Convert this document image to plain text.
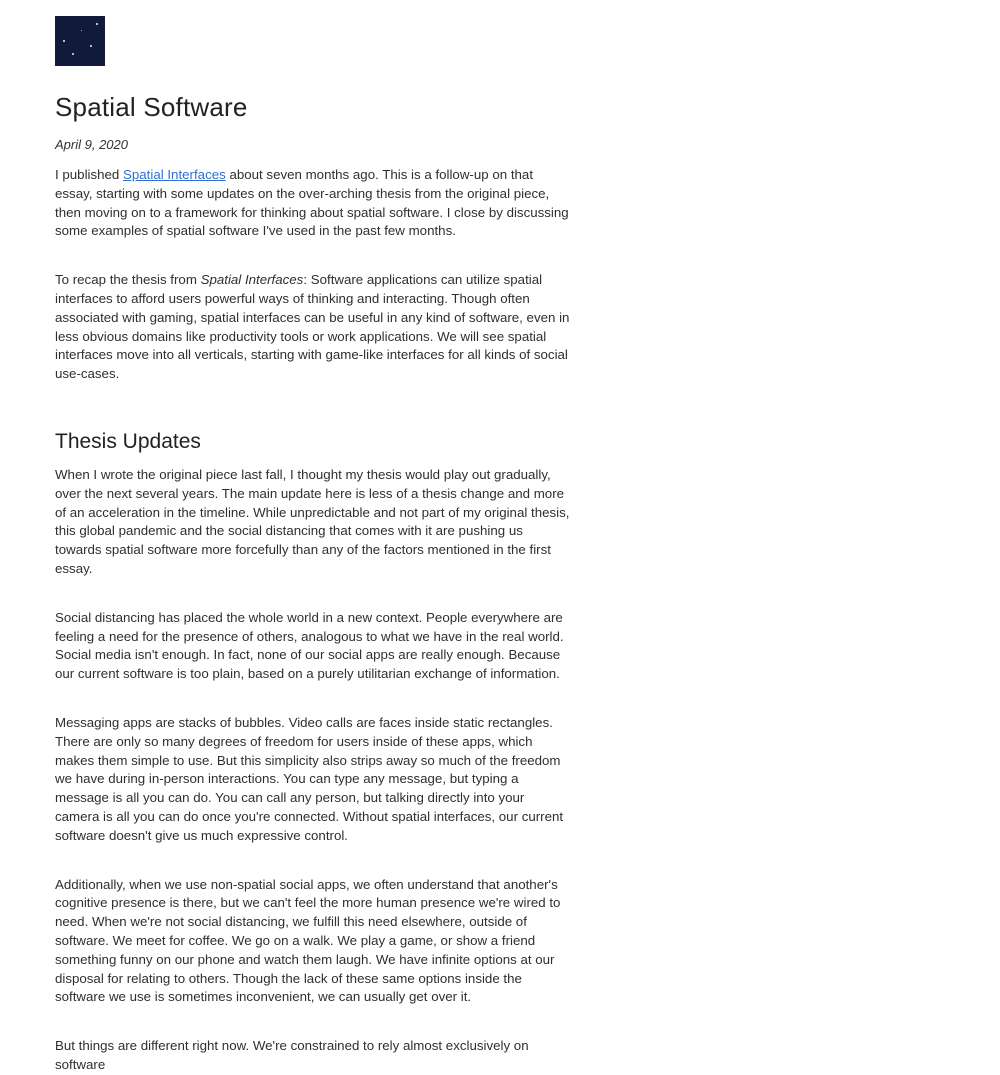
Spatial Software
April 9, 2020

I published Spatial Interfaces about seven months ago. This is a follow-up on that essay, starting with some updates on the over-arching thesis from the original piece, then moving on to a framework for thinking about spatial software. I close by discussing some examples of spatial software I've used in the past few months.

To recap the thesis from Spatial Interfaces: Software applications can utilize spatial interfaces to afford users powerful ways of thinking and interacting. Though often associated with gaming, spatial interfaces can be useful in any kind of software, even in less obvious domains like productivity tools or work applications. We will see spatial interfaces move into all verticals, starting with game-like interfaces for all kinds of social use-cases.

Thesis Updates

When I wrote the original piece last fall, I thought my thesis would play out gradually, over the next several years. The main update here is less of a thesis change and more of an acceleration in the timeline. While unpredictable and not part of my original thesis, this global pandemic and the social distancing that comes with it are pushing us towards spatial software more forcefully than any of the factors mentioned in the first essay.

Social distancing has placed the whole world in a new context. People everywhere are feeling a need for the presence of others, analogous to what we have in the real world. Social media isn't enough. In fact, none of our social apps are really enough. Because our current software is too plain, based on a purely utilitarian exchange of information.

Messaging apps are stacks of bubbles. Video calls are faces inside static rectangles. There are only so many degrees of freedom for users inside of these apps, which makes them simple to use. But this simplicity also strips away so much of the freedom we have during in-person interactions. You can type any message, but typing a message is all you can do. You can call any person, but talking directly into your camera is all you can do once you're connected. Without spatial interfaces, our current software doesn't give us much expressive control.

Additionally, when we use non-spatial social apps, we often understand that another's cognitive presence is there, but we can't feel the more human presence we're wired to need. When we're not social distancing, we fulfill this need elsewhere, outside of software. We meet for coffee. We go on a walk. We play a game, or show a friend something funny on our phone and watch them laugh. We have infinite options at our disposal for relating to others. Though the lack of these same options inside the software we use is sometimes inconvenient, we can usually get over it.

But things are different right now. We're constrained to rely almost exclusively on software
